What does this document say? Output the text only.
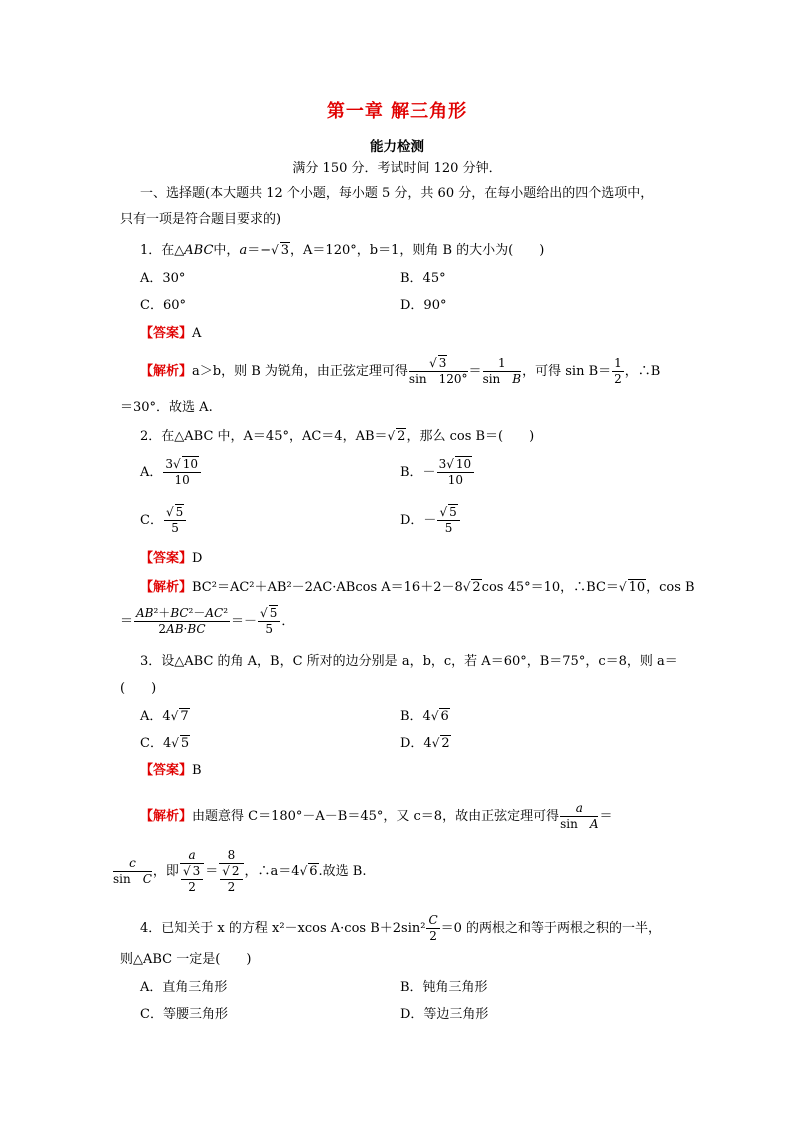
第一章 解三角形
能力检测
满分 150 分．考试时间 120 分钟．
一、选择题(本大题共 12 个小题，每小题 5 分，共 60 分，在每小题给出的四个选项中，
只有一项是符合题目要求的)
1．在△ABC中，a＝−√ 3，A＝120°，b＝1，则角 B 的大小为(　　)
A．30°	B．45°
C．60°	D．90°
【答案】A
【解析】a＞b，则 B 为锐角，由正弦定理可得 $\frac{√ 3}{\sin 120^\circ} = \frac{1}{\text{sin　B}}$ ，可得 $\sin B= \frac{1}{2}$ ，∴B
＝30°．故选 A.
2．在△ABC 中，A＝45°，AC＝4，AB＝√ 2，那么 cos B＝(　　)
A． $\frac{3√ 10}{10}$	B．－ $\frac{3√ 10}{10}$
C． $\frac{√ 5}{5}$	D．－ $\frac{√ 5}{5}$
【答案】D
【解析】BC²＝AC²＋AB²－2AC·ABcos A＝16＋2－8√ 2cos 45°＝10，∴BC＝√ 10，cos B
＝ $\frac{\text{AB²＋BC²－AC²}}{2AB\cdot BC} =- \frac{√ 5}{5}$ ．
3．设△ABC 的角 A，B，C 所对的边分别是 a，b，c，若 A＝60°，B＝75°，c＝8，则 a＝
(　　)
A．4√ 7	B．4√ 6
C．4√ 5	D．4√ 2
【答案】B
【解析】由题意得 C＝180°－A－B＝45°，又 c＝8，故由正弦定理可得 $\frac{a}{\text{sin　A}}$ ＝
$\frac{c}{\text{sin　C}}$ ，即 $\frac{a}{\frac{√ 3}{2}} = \frac{8}{\frac{√ 2}{2}}$ ，∴a＝4√ 6.故选 B.
4．已知关于 x 的方程 x²－xcos A·cos $B+2\sin^2 \frac{C}{2} =0$ 的两根之和等于两根之积的一半，
则△ABC 一定是(　　)
A．直角三角形	B．钝角三角形
C．等腰三角形	D．等边三角形
